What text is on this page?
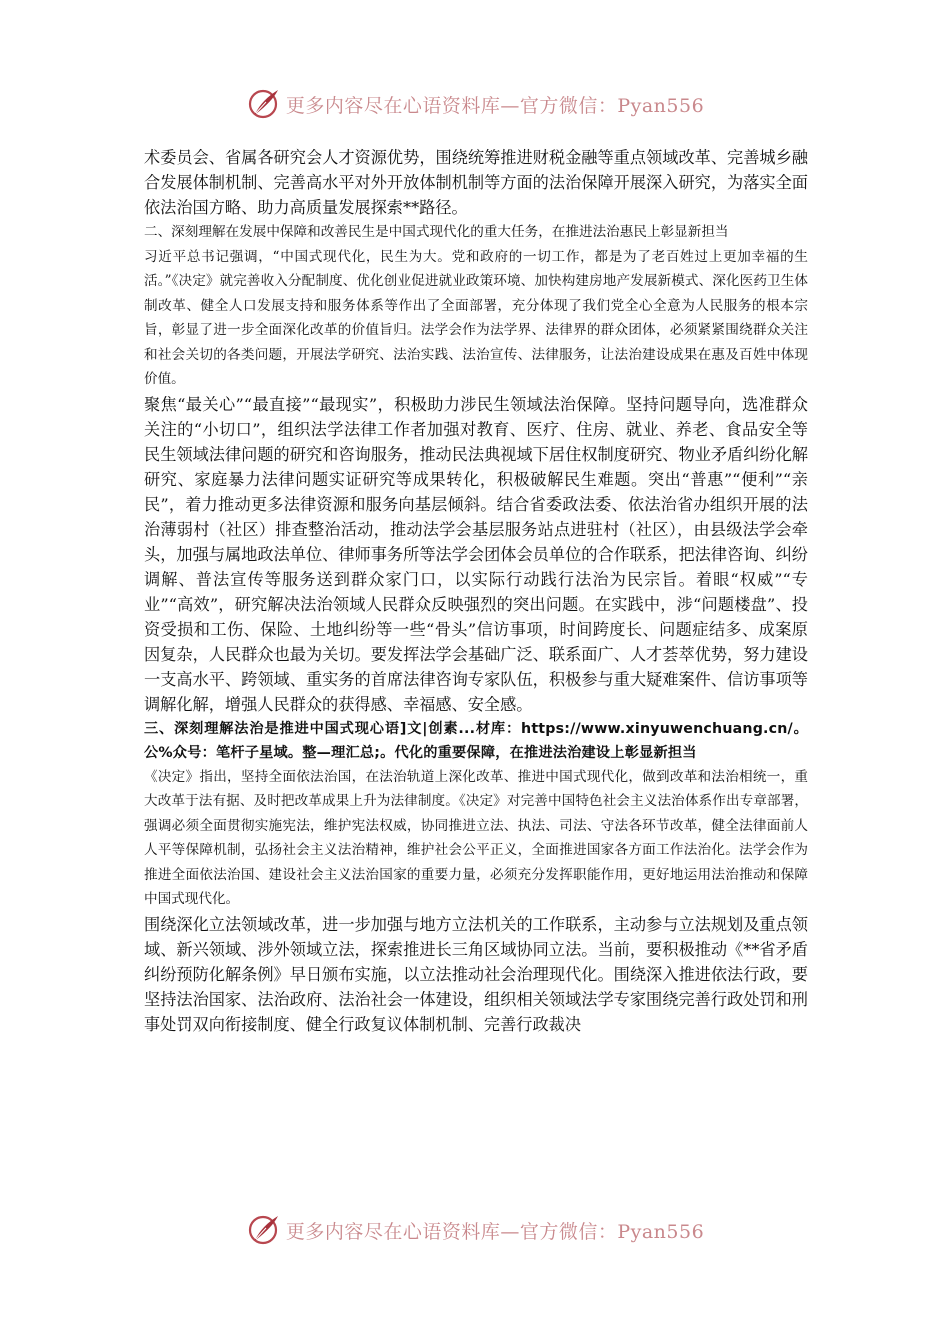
更多内容尽在心语资料库—官方微信：Pyan556

术委员会、省属各研究会人才资源优势，围绕统筹推进财税金融等重点领域改革、完善城乡融合发展体制机制、完善高水平对外开放体制机制等方面的法治保障开展深入研究，为落实全面依法治国方略、助力高质量发展探索**路径。

二、深刻理解在发展中保障和改善民生是中国式现代化的重大任务，在推进法治惠民上彰显新担当

习近平总书记强调，“中国式现代化，民生为大。党和政府的一切工作，都是为了老百姓过上更加幸福的生活。”《决定》就完善收入分配制度、优化创业促进就业政策环境、加快构建房地产发展新模式、深化医药卫生体制改革、健全人口发展支持和服务体系等作出了全面部署，充分体现了我们党全心全意为人民服务的根本宗旨，彰显了进一步全面深化改革的价值旨归。法学会作为法学界、法律界的群众团体，必须紧紧围绕群众关注和社会关切的各类问题，开展法学研究、法治实践、法治宣传、法律服务，让法治建设成果在惠及百姓中体现价值。

聚焦“最关心”“最直接”“最现实”，积极助力涉民生领域法治保障。坚持问题导向，选准群众关注的“小切口”，组织法学法律工作者加强对教育、医疗、住房、就业、养老、食品安全等民生领域法律问题的研究和咨询服务，推动民法典视域下居住权制度研究、物业矛盾纠纷化解研究、家庭暴力法律问题实证研究等成果转化，积极破解民生难题。突出“普惠”“便利”“亲民”，着力推动更多法律资源和服务向基层倾斜。结合省委政法委、依法治省办组织开展的法治薄弱村（社区）排查整治活动，推动法学会基层服务站点进驻村（社区），由县级法学会牵头，加强与属地政法单位、律师事务所等法学会团体会员单位的合作联系，把法律咨询、纠纷调解、普法宣传等服务送到群众家门口，以实际行动践行法治为民宗旨。着眼“权威”“专业”“高效”，研究解决法治领域人民群众反映强烈的突出问题。在实践中，涉“问题楼盘”、投资受损和工伤、保险、土地纠纷等一些“骨头”信访事项，时间跨度长、问题症结多、成案原因复杂，人民群众也最为关切。要发挥法学会基础广泛、联系面广、人才荟萃优势，努力建设一支高水平、跨领域、重实务的首席法律咨询专家队伍，积极参与重大疑难案件、信访事项等调解化解，增强人民群众的获得感、幸福感、安全感。

三、深刻理解法治是推进中国式现心语]文|创素...材库：https://www.xinyuwenchuang.cn/。公%众号：笔杆子星域。整—理汇总;。代化的重要保障，在推进法治建设上彰显新担当

《决定》指出，坚持全面依法治国，在法治轨道上深化改革、推进中国式现代化，做到改革和法治相统一，重大改革于法有据、及时把改革成果上升为法律制度。《决定》对完善中国特色社会主义法治体系作出专章部署，强调必须全面贯彻实施宪法，维护宪法权威，协同推进立法、执法、司法、守法各环节改革，健全法律面前人人平等保障机制，弘扬社会主义法治精神，维护社会公平正义，全面推进国家各方面工作法治化。法学会作为推进全面依法治国、建设社会主义法治国家的重要力量，必须充分发挥职能作用，更好地运用法治推动和保障中国式现代化。

围绕深化立法领域改革，进一步加强与地方立法机关的工作联系，主动参与立法规划及重点领域、新兴领域、涉外领域立法，探索推进长三角区域协同立法。当前，要积极推动《**省矛盾纠纷预防化解条例》早日颁布实施，以立法推动社会治理现代化。围绕深入推进依法行政，要坚持法治国家、法治政府、法治社会一体建设，组织相关领域法学专家围绕完善行政处罚和刑事处罚双向衔接制度、健全行政复议体制机制、完善行政裁决

更多内容尽在心语资料库—官方微信：Pyan556
